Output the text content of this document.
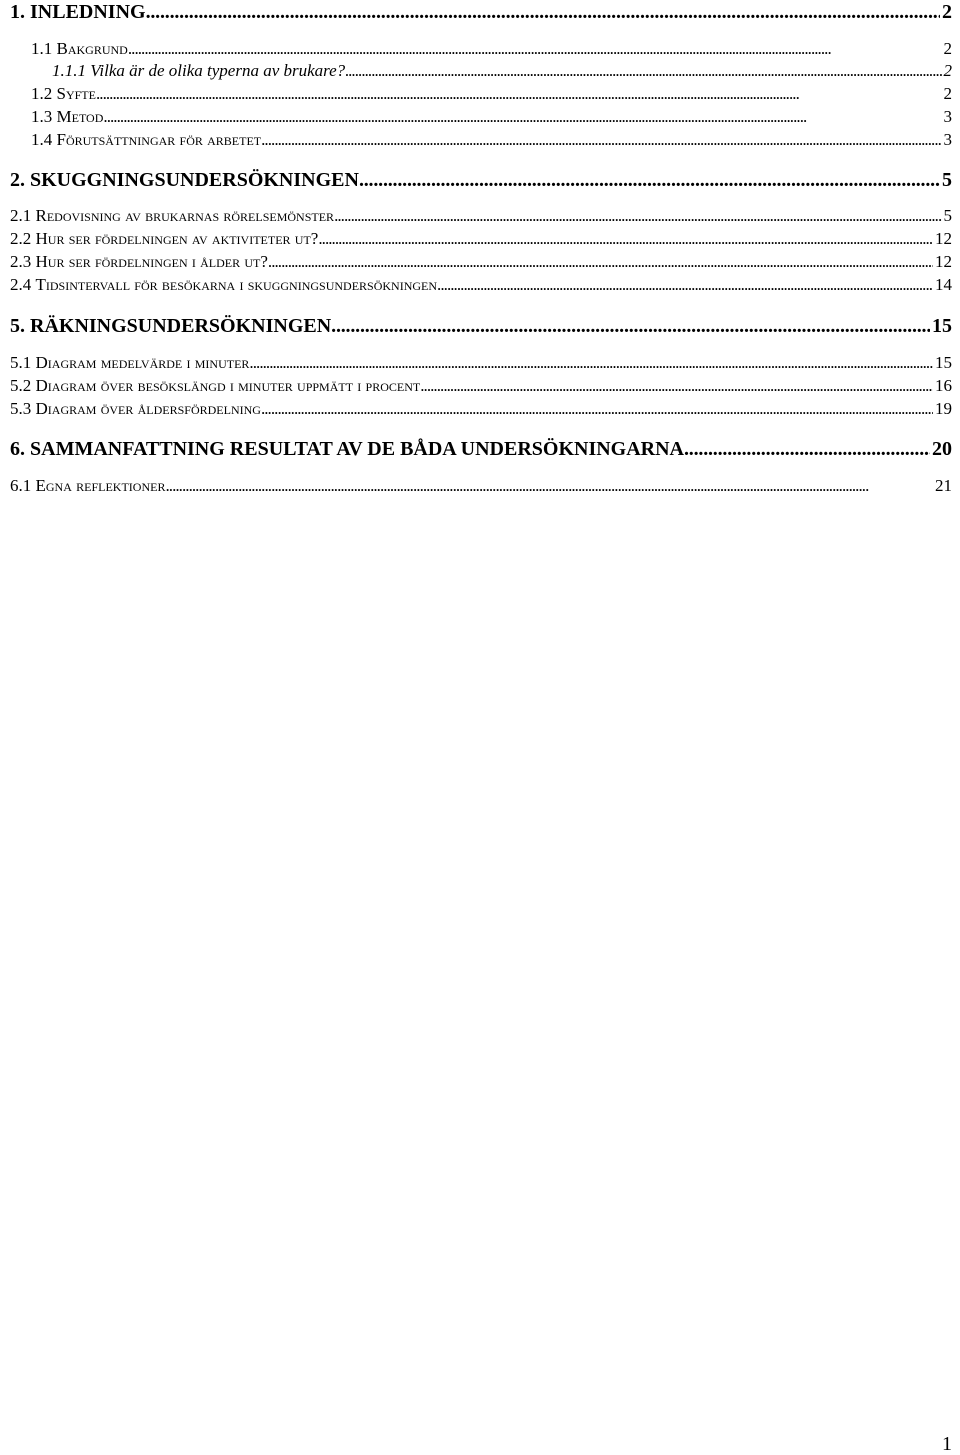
1. INLEDNING . . .	2
1.1 Bakgrund . . .	2
1.1.1 Vilka är de olika typerna av brukare? . . .	2
1.2 Syfte . . .	2
1.3 Metod . . .	3
1.4 Förutsättningar för arbetet . . .	3
2. SKUGGNINGSUNDERSÖKNINGEN . . .	5
2.1 Redovisning av brukarnas rörelsemönster . . .	5
2.2 Hur ser fördelningen av aktiviteter ut? . . .	12
2.3 Hur ser fördelningen i ålder ut? . . .	12
2.4 Tidsintervall för besökarna i skuggningsundersökningen . . .	14
5. RÄKNINGSUNDERSÖKNINGEN . . .	15
5.1 Diagram medelvärde i minuter . . .	15
5.2 Diagram över besökslängd i minuter uppmätt i procent . . .	16
5.3 Diagram över åldersfördelning . . .	19
6. SAMMANFATTNING RESULTAT AV DE BÅDA UNDERSÖKNINGARNA . . .	20
6.1 Egna reflektioner . . .	21
1
